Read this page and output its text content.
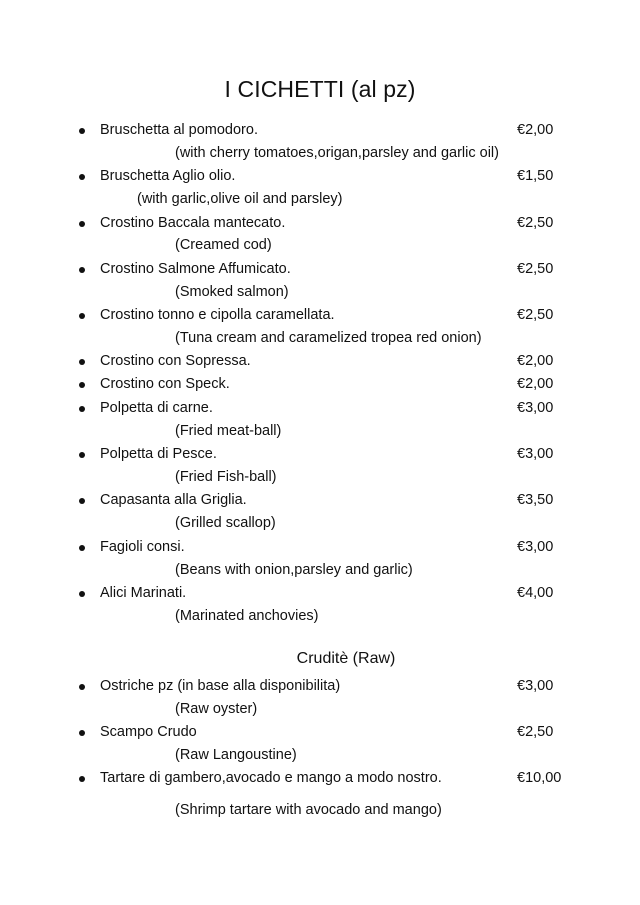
I CICHETTI (al pz)
Bruschetta al pomodoro.	€2,00
(with cherry tomatoes,origan,parsley and garlic oil)
Bruschetta Aglio olio.	€1,50
(with garlic,olive oil and parsley)
Crostino Baccala mantecato.	€2,50
(Creamed cod)
Crostino Salmone Affumicato.	€2,50
(Smoked salmon)
Crostino tonno e cipolla caramellata.	€2,50
(Tuna cream and caramelized tropea red onion)
Crostino con Sopressa.	€2,00
Crostino con Speck.	€2,00
Polpetta di carne.	€3,00
(Fried meat-ball)
Polpetta di Pesce.	€3,00
(Fried Fish-ball)
Capasanta alla Griglia.	€3,50
(Grilled scallop)
Fagioli consi.	€3,00
(Beans with onion,parsley and garlic)
Alici Marinati.	€4,00
(Marinated anchovies)
Cruditè (Raw)
Ostriche pz (in base alla disponibilita)	€3,00
(Raw oyster)
Scampo Crudo	€2,50
(Raw Langoustine)
Tartare di gambero,avocado e mango a modo nostro.	€10,00
(Shrimp tartare with avocado and mango)
